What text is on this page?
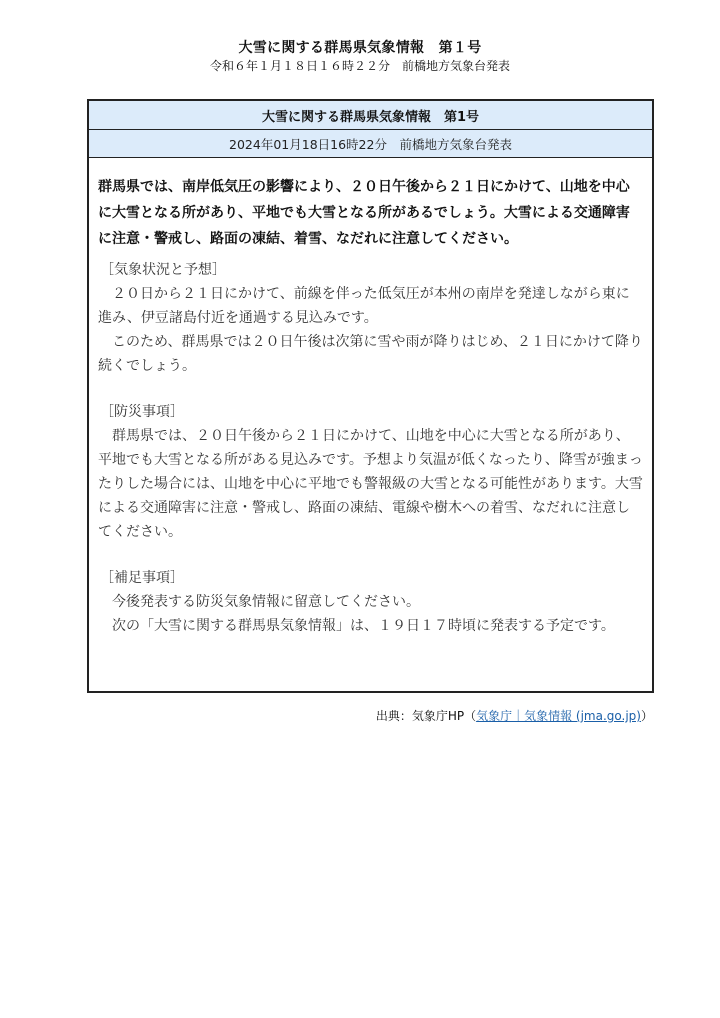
大雪に関する群馬県気象情報　第１号
令和６年１月１８日１６時２２分　前橋地方気象台発表
大雪に関する群馬県気象情報　第1号
2024年01月18日16時22分　前橋地方気象台発表

群馬県では、南岸低気圧の影響により、２０日午後から２１日にかけて、山地を中心に大雪となる所があり、平地でも大雪となる所があるでしょう。大雪による交通障害に注意・警戒し、路面の凍結、着雪、なだれに注意してください。

［気象状況と予想］

２０日から２１日にかけて、前線を伴った低気圧が本州の南岸を発達しながら東に進み、伊豆諸島付近を通過する見込みです。

このため、群馬県では２０日午後は次第に雪や雨が降りはじめ、２１日にかけて降り続くでしょう。

［防災事項］

群馬県では、２０日午後から２１日にかけて、山地を中心に大雪となる所があり、平地でも大雪となる所がある見込みです。予想より気温が低くなったり、降雪が強まったりした場合には、山地を中心に平地でも警報級の大雪となる可能性があります。大雪による交通障害に注意・警戒し、路面の凍結、電線や樹木への着雪、なだれに注意してください。

［補足事項］

今後発表する防災気象情報に留意してください。

次の「大雪に関する群馬県気象情報」は、１９日１７時頃に発表する予定です。

出典：気象庁HP（気象庁｜気象情報 (jma.go.jp)）
